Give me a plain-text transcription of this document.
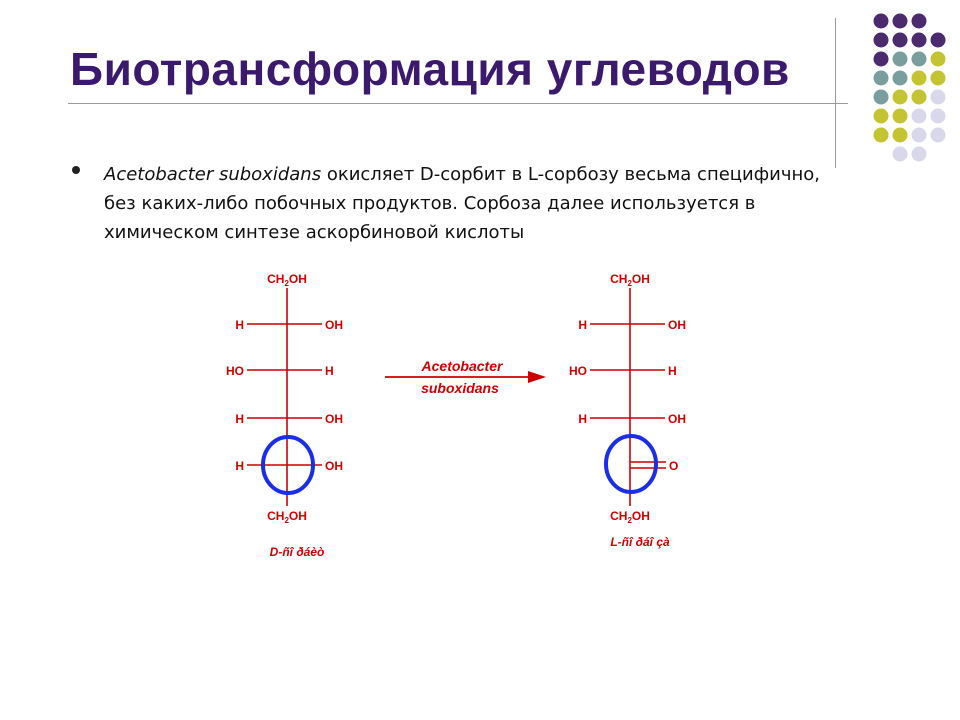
Биотрансформация углеводов
Acetobacter suboxidans окисляет D-сорбит в L-сорбозу весьма специфично, без каких-либо побочных продуктов. Сорбоза далее используется в химическом синтезе аскорбиновой кислоты
$CH_2OH$
H	OH
HO	H
H	OH
H	OH
$CH_2OH$
D-ñî ðáèò
Acetobacter
suboxidans
$CH_2OH$
H	OH
HO	H
H	OH
O
$CH_2OH$
L-ñî ðáî çà
